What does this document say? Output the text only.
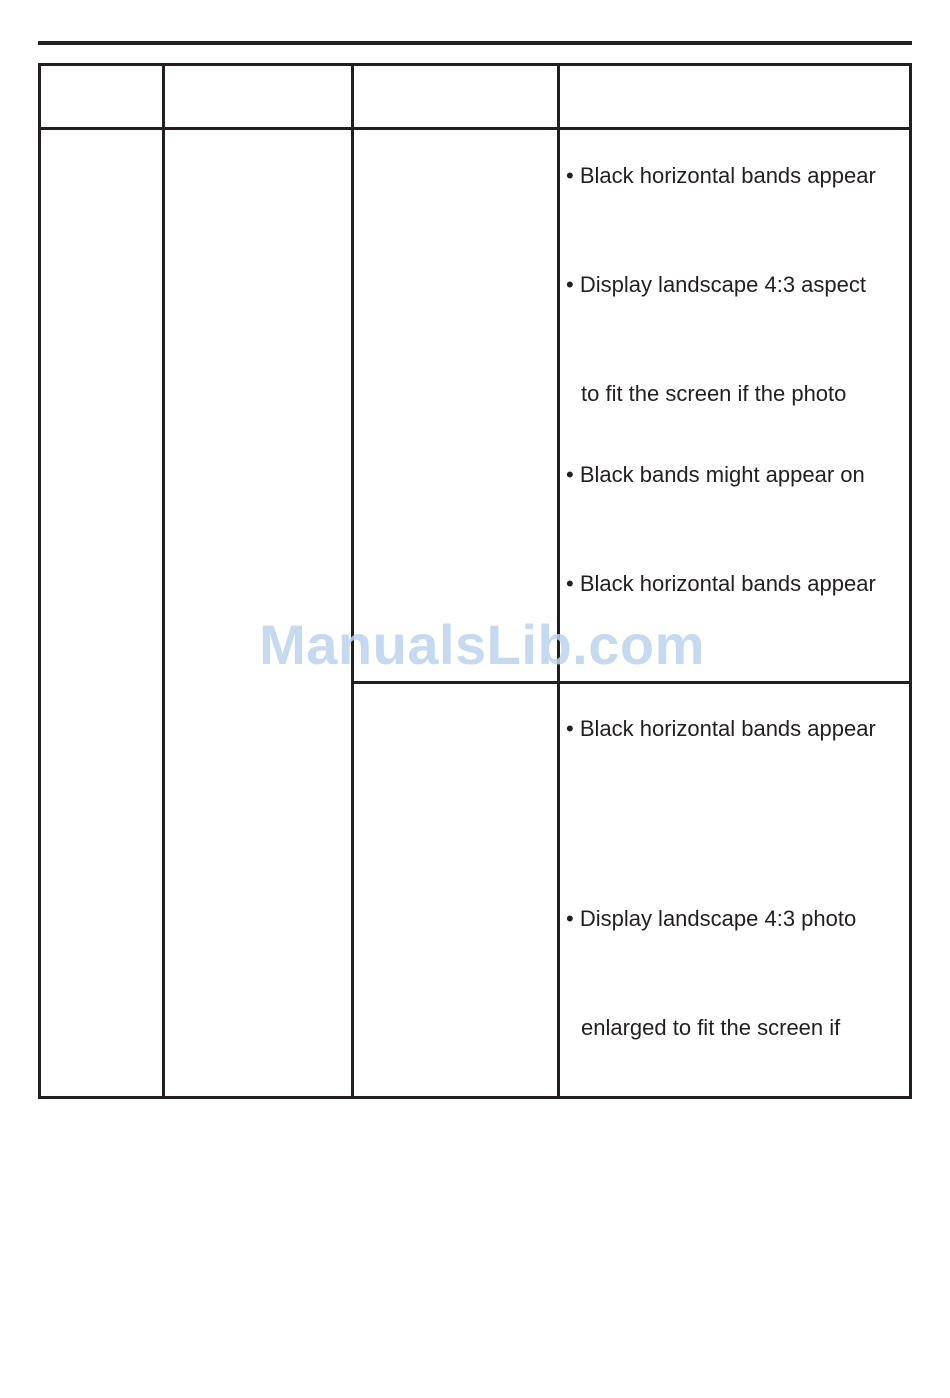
• Black horizontal bands appear
• Display landscape 4:3 aspect
to fit the screen if the photo
• Black bands might appear on
• Black horizontal bands appear
• Black horizontal bands appear
• Display landscape 4:3 photo
enlarged to fit the screen if
ManualsLib.com
